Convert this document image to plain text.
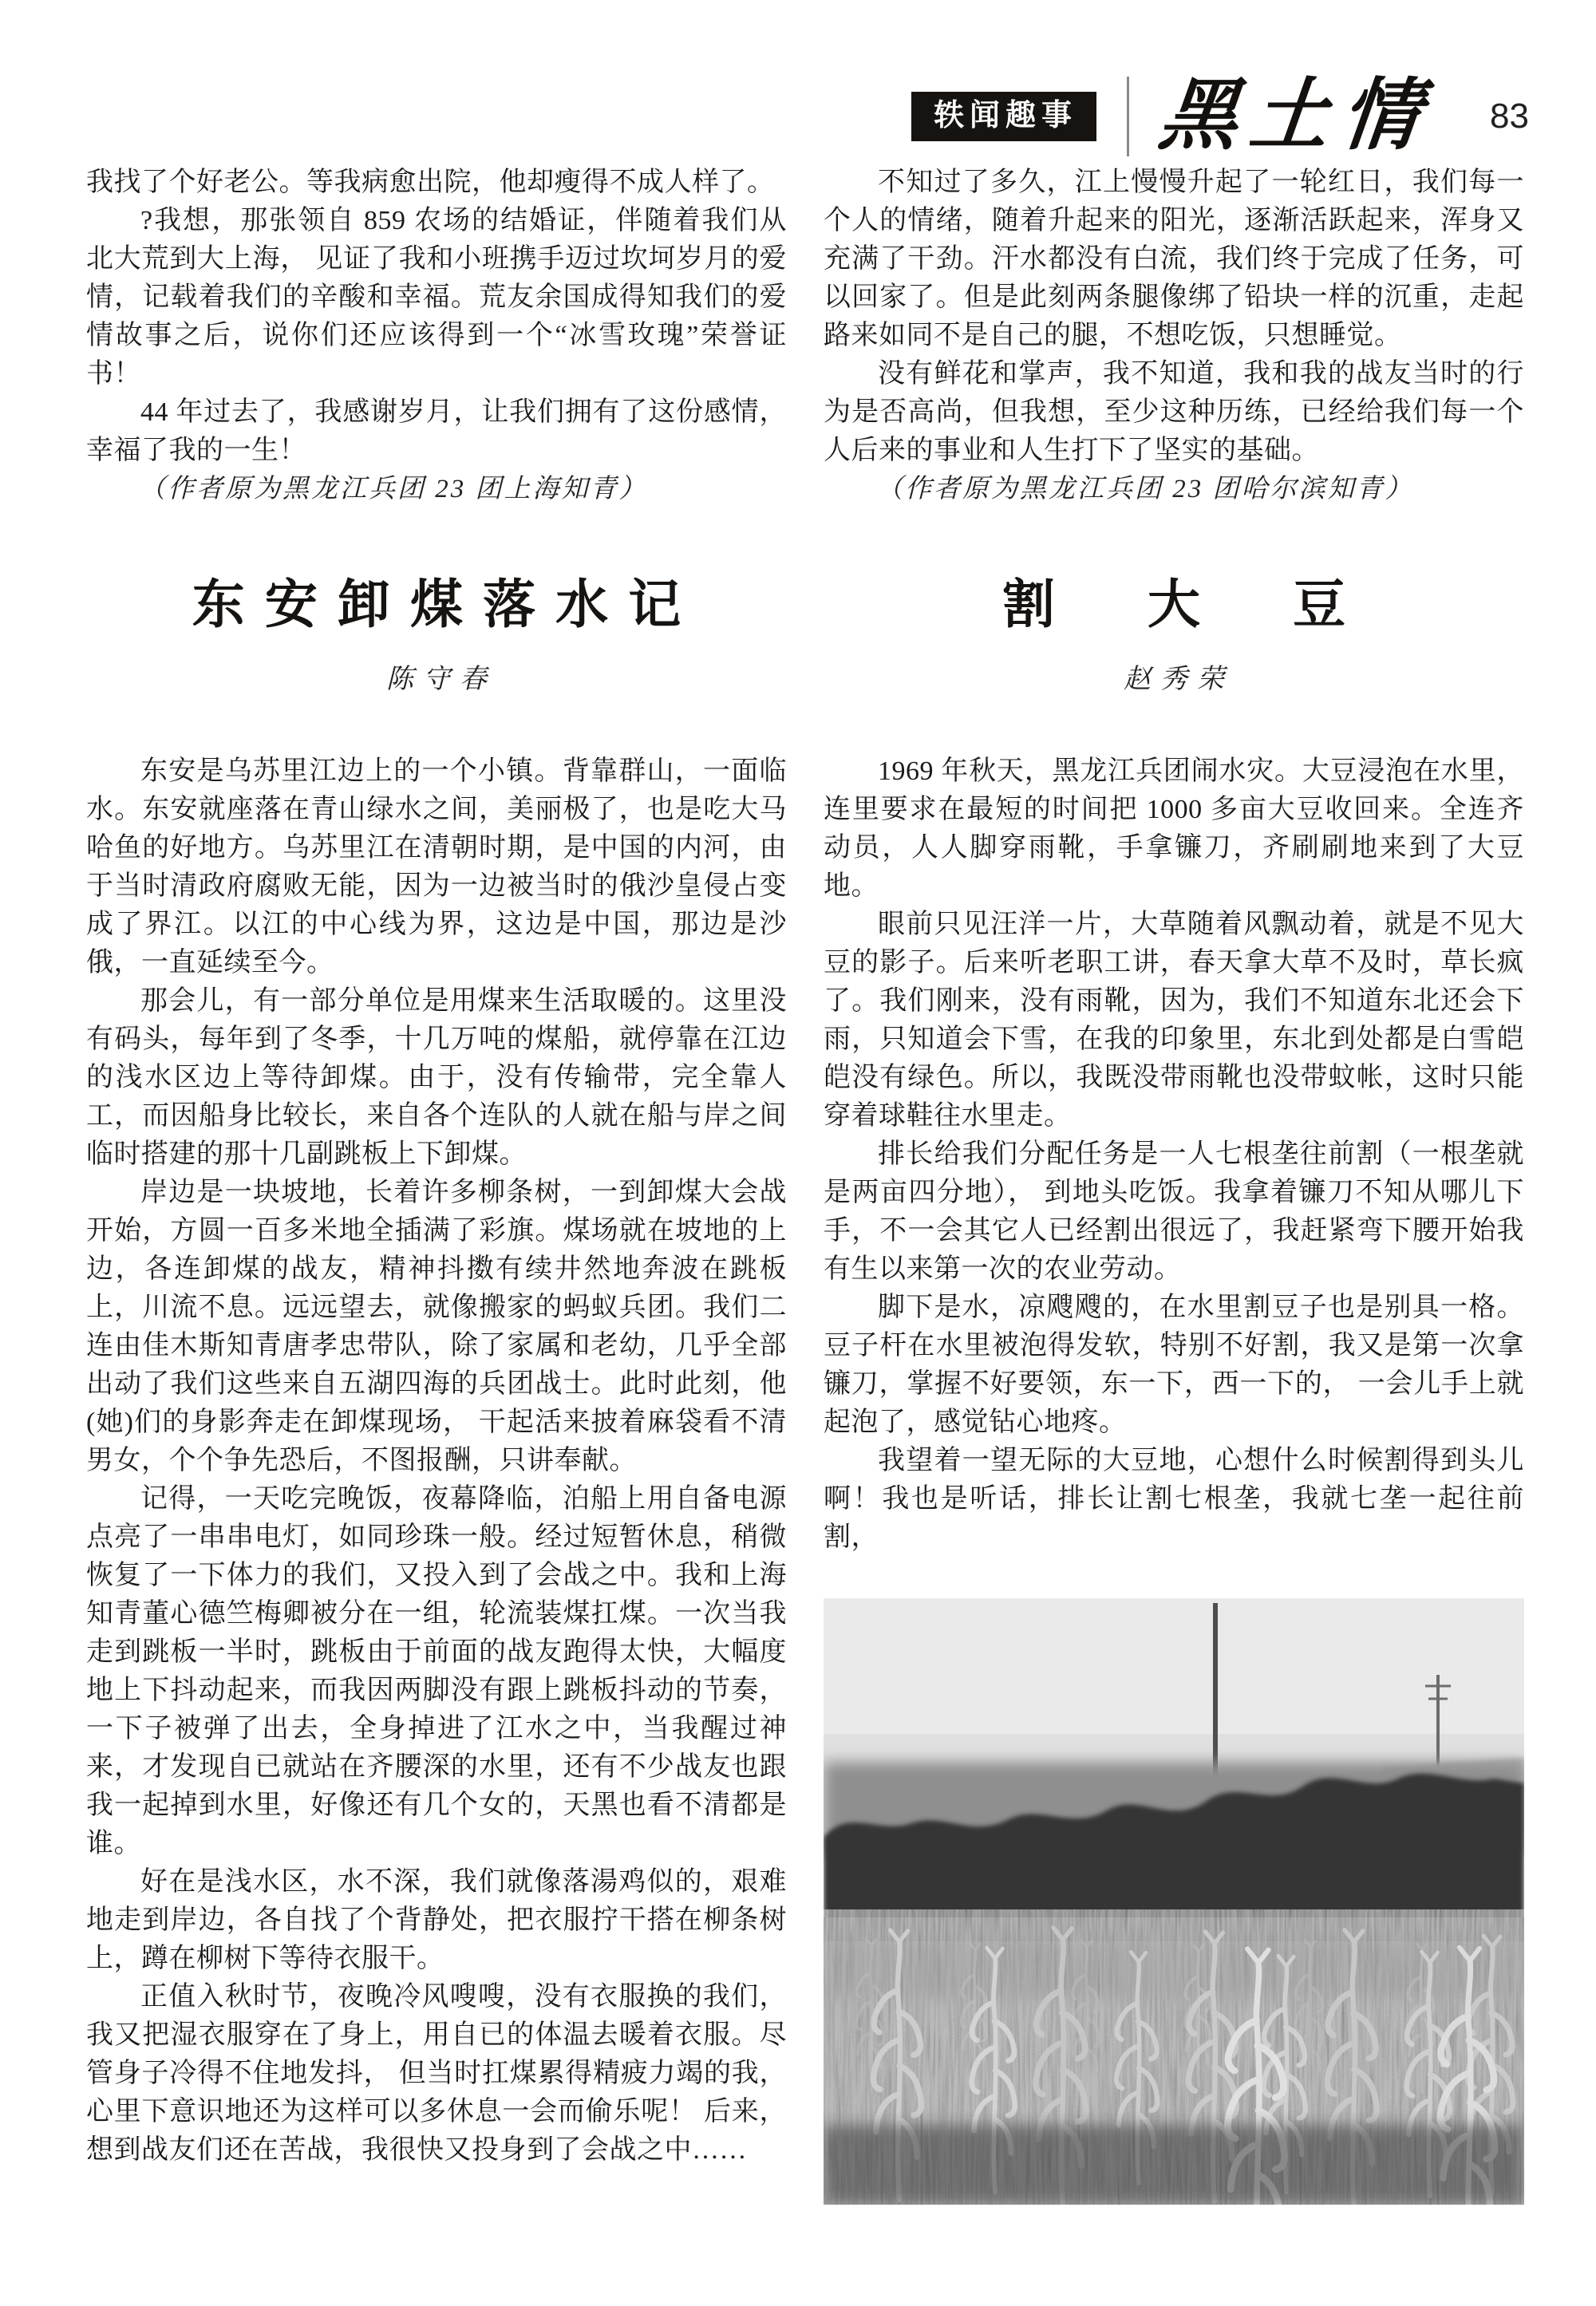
轶闻趣事 黑土情 83

我找了个好老公。等我病愈出院，他却瘦得不成人样了。

?我想，那张领自 859 农场的结婚证，伴随着我们从北大荒到大上海， 见证了我和小班携手迈过坎坷岁月的爱情，记载着我们的辛酸和幸福。荒友余国成得知我们的爱情故事之后，说你们还应该得到一个“冰雪玫瑰”荣誉证书！

44 年过去了，我感谢岁月，让我们拥有了这份感情，幸福了我的一生！

（作者原为黑龙江兵团 23 团上海知青）

东安卸煤落水记
陈守春

东安是乌苏里江边上的一个小镇。背靠群山，一面临水。东安就座落在青山绿水之间，美丽极了，也是吃大马哈鱼的好地方。乌苏里江在清朝时期，是中国的内河，由于当时清政府腐败无能，因为一边被当时的俄沙皇侵占变成了界江。以江的中心线为界，这边是中国，那边是沙俄，一直延续至今。

那会儿，有一部分单位是用煤来生活取暖的。这里没有码头，每年到了冬季，十几万吨的煤船，就停靠在江边的浅水区边上等待卸煤。由于，没有传输带，完全靠人工，而因船身比较长，来自各个连队的人就在船与岸之间临时搭建的那十几副跳板上下卸煤。

岸边是一块坡地，长着许多柳条树，一到卸煤大会战开始，方圆一百多米地全插满了彩旗。煤场就在坡地的上边，各连卸煤的战友，精神抖擞有续井然地奔波在跳板上，川流不息。远远望去，就像搬家的蚂蚁兵团。我们二连由佳木斯知青唐孝忠带队，除了家属和老幼，几乎全部出动了我们这些来自五湖四海的兵团战士。此时此刻，他(她)们的身影奔走在卸煤现场， 干起活来披着麻袋看不清男女，个个争先恐后，不图报酬，只讲奉献。

记得，一天吃完晚饭，夜幕降临，泊船上用自备电源点亮了一串串电灯，如同珍珠一般。经过短暂休息，稍微恢复了一下体力的我们，又投入到了会战之中。我和上海知青董心德竺梅卿被分在一组，轮流装煤扛煤。一次当我走到跳板一半时，跳板由于前面的战友跑得太快，大幅度地上下抖动起来，而我因两脚没有跟上跳板抖动的节奏，一下子被弹了出去，全身掉进了江水之中，当我醒过神来，才发现自已就站在齐腰深的水里，还有不少战友也跟我一起掉到水里，好像还有几个女的，天黑也看不清都是谁。

好在是浅水区，水不深，我们就像落湯鸡似的，艰难地走到岸边，各自找了个背静处，把衣服拧干搭在柳条树上，蹲在柳树下等待衣服干。

正值入秋时节，夜晚冷风嗖嗖，没有衣服换的我们，我又把湿衣服穿在了身上，用自已的体温去暖着衣服。尽管身子冷得不住地发抖， 但当时扛煤累得精疲力竭的我，心里下意识地还为这样可以多休息一会而偷乐呢！ 后来，想到战友们还在苦战，我很快又投身到了会战之中……

不知过了多久，江上慢慢升起了一轮红日，我们每一个人的情绪，随着升起来的阳光，逐渐活跃起来，浑身又充满了干劲。汗水都没有白流，我们终于完成了任务，可以回家了。但是此刻两条腿像绑了铅块一样的沉重，走起路来如同不是自己的腿，不想吃饭，只想睡觉。

没有鲜花和掌声，我不知道，我和我的战友当时的行为是否高尚，但我想，至少这种历练，已经给我们每一个人后来的事业和人生打下了坚实的基础。

（作者原为黑龙江兵团 23 团哈尔滨知青）

割　大　豆
赵秀荣

1969 年秋天，黑龙江兵团闹水灾。大豆浸泡在水里，连里要求在最短的时间把 1000 多亩大豆收回来。全连齐动员，人人脚穿雨靴，手拿镰刀，齐刷刷地来到了大豆地。

眼前只见汪洋一片，大草随着风飘动着，就是不见大豆的影子。后来听老职工讲，春天拿大草不及时，草长疯了。我们刚来，没有雨靴，因为，我们不知道东北还会下雨，只知道会下雪，在我的印象里，东北到处都是白雪皑皑没有绿色。所以，我既没带雨靴也没带蚊帐，这时只能穿着球鞋往水里走。

排长给我们分配任务是一人七根垄往前割（一根垄就是两亩四分地）， 到地头吃饭。我拿着镰刀不知从哪儿下手，不一会其它人已经割出很远了，我赶紧弯下腰开始我有生以来第一次的农业劳动。

脚下是水，凉飕飕的，在水里割豆子也是别具一格。豆子杆在水里被泡得发软，特别不好割，我又是第一次拿镰刀，掌握不好要领，东一下，西一下的， 一会儿手上就起泡了，感觉钻心地疼。

我望着一望无际的大豆地，心想什么时候割得到头儿啊！我也是听话，排长让割七根垄，我就七垄一起往前割，
